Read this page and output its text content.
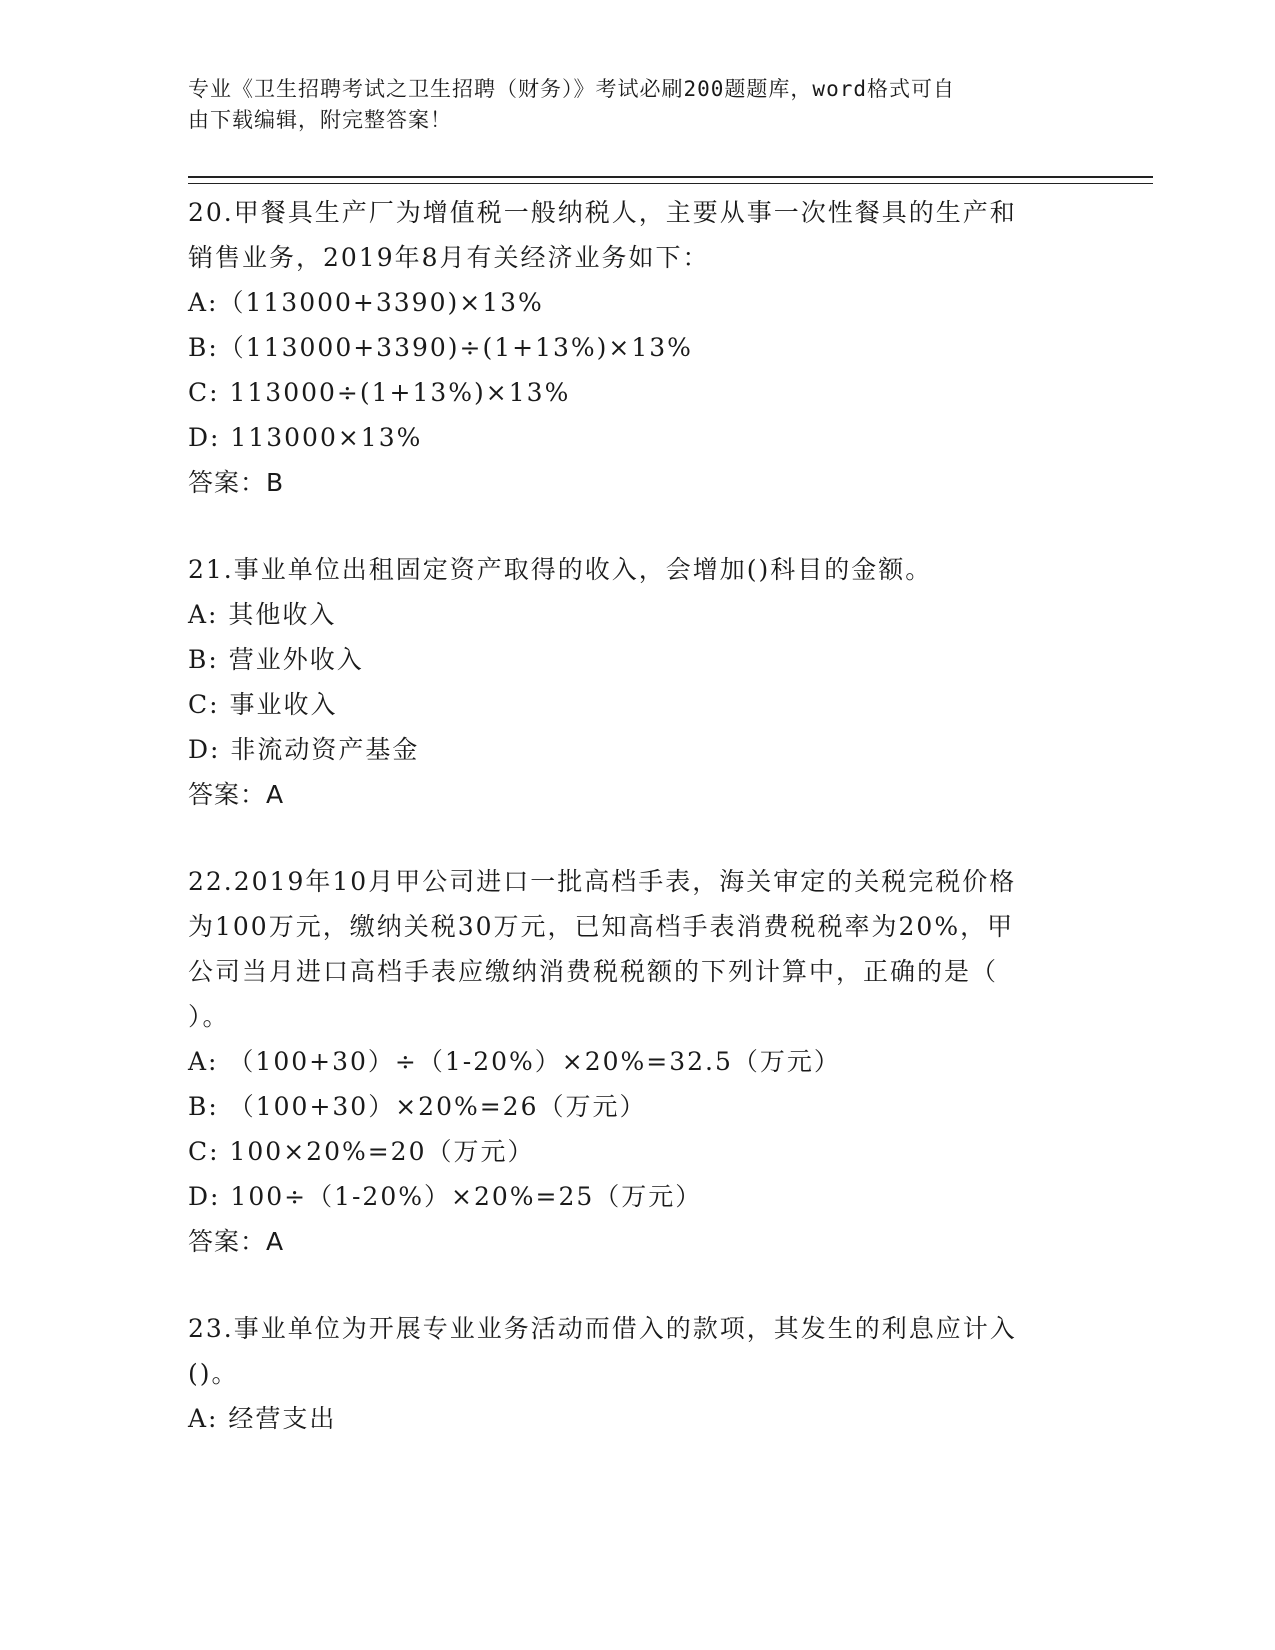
专业《卫生招聘考试之卫生招聘（财务）》考试必刷200题题库，word格式可自
由下载编辑，附完整答案！
20.甲餐具生产厂为增值税一般纳税人，主要从事一次性餐具的生产和
销售业务，2019年8月有关经济业务如下：
A:（113000+3390)×13%
B:（113000+3390)÷(1+13%)×13%
C: 113000÷(1+13%)×13%
D: 113000×13%
答案：B
21.事业单位出租固定资产取得的收入，会增加()科目的金额。
A: 其他收入
B: 营业外收入
C: 事业收入
D: 非流动资产基金
答案：A
22.2019年10月甲公司进口一批高档手表，海关审定的关税完税价格
为100万元，缴纳关税30万元，已知高档手表消费税税率为20%，甲
公司当月进口高档手表应缴纳消费税税额的下列计算中，正确的是（
）。
A: （100+30）÷（1-20%）×20%=32.5（万元）
B: （100+30）×20%=26（万元）
C: 100×20%=20（万元）
D: 100÷（1-20%）×20%=25（万元）
答案：A
23.事业单位为开展专业业务活动而借入的款项，其发生的利息应计入
()。
A: 经营支出
